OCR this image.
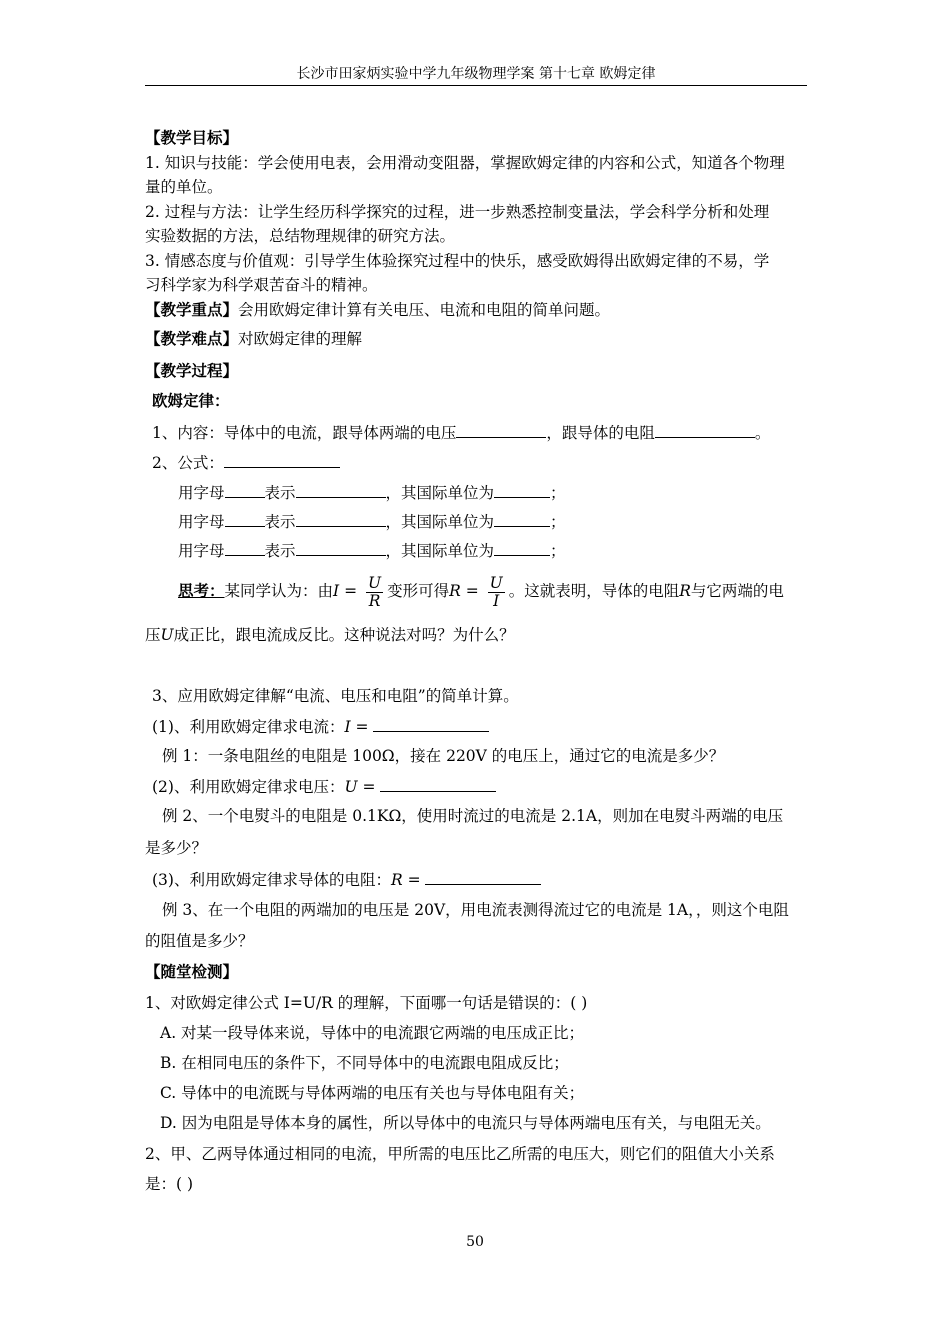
长沙市田家炳实验中学九年级物理学案 第十七章 欧姆定律
【教学目标】
1. 知识与技能：学会使用电表，会用滑动变阻器，掌握欧姆定律的内容和公式，知道各个物理
量的单位。
2. 过程与方法：让学生经历科学探究的过程，进一步熟悉控制变量法，学会科学分析和处理
实验数据的方法，总结物理规律的研究方法。
3. 情感态度与价值观：引导学生体验探究过程中的快乐，感受欧姆得出欧姆定律的不易，学
习科学家为科学艰苦奋斗的精神。
【教学重点】会用欧姆定律计算有关电压、电流和电阻的简单问题。
【教学难点】对欧姆定律的理解
【教学过程】
欧姆定律：
1、内容：导体中的电流，跟导体两端的电压	，跟导体的电阻	。
2、公式：
用字母	表示	，其国际单位为	；
用字母	表示	，其国际单位为	；
用字母	表示	，其国际单位为	；
思考：某同学认为：由$I = \frac{U}{R}$ 变形可得$R = \frac{U}{I}$ 。这就表明，导体的电阻R与它两端的电
压U成正比，跟电流成反比。这种说法对吗？为什么？
3、应用欧姆定律解“电流、电压和电阻”的简单计算。
(1)、利用欧姆定律求电流：I =
例 1：一条电阻丝的电阻是 100Ω，接在 220V 的电压上，通过它的电流是多少？
(2)、利用欧姆定律求电压：U =
例 2、一个电熨斗的电阻是 0.1KΩ，使用时流过的电流是 2.1A，则加在电熨斗两端的电压
是多少？
(3)、利用欧姆定律求导体的电阻：R =
例 3、在一个电阻的两端加的电压是 20V，用电流表测得流过它的电流是 1A，，则这个电阻
的阻值是多少？
【随堂检测】
1、对欧姆定律公式 I=U/R 的理解，下面哪一句话是错误的：( )
A. 对某一段导体来说，导体中的电流跟它两端的电压成正比；
B. 在相同电压的条件下，不同导体中的电流跟电阻成反比；
C. 导体中的电流既与导体两端的电压有关也与导体电阻有关；
D. 因为电阻是导体本身的属性，所以导体中的电流只与导体两端电压有关，与电阻无关。
2、甲、乙两导体通过相同的电流，甲所需的电压比乙所需的电压大，则它们的阻值大小关系
是：( )
50
